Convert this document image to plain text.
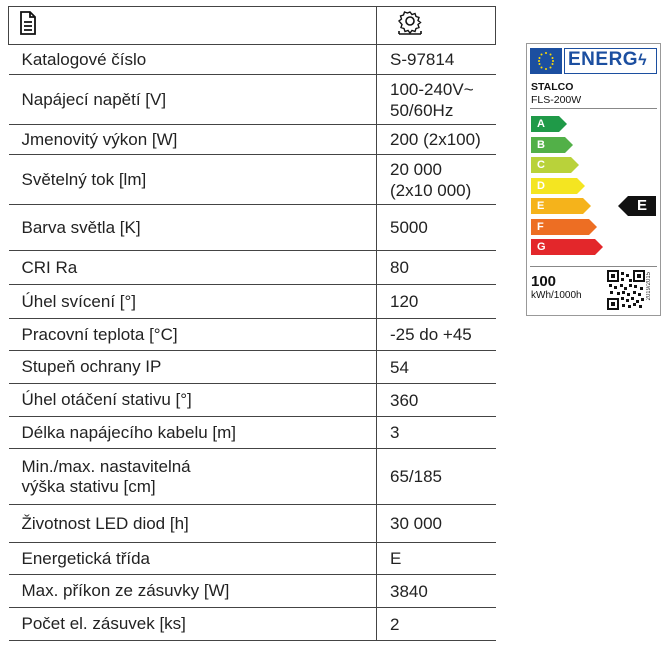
Katalogové číslo	S-97814
Napájecí napětí [V]	100-240V~
50/60Hz
Jmenovitý výkon [W]	200 (2x100)
Světelný tok [lm]	20 000
(2x10 000)
Barva světla [K]	5000
CRI Ra	80
Úhel svícení [°]	120
Pracovní teplota [°C]	-25 do +45
Stupeň ochrany IP	54
Úhel otáčení stativu [°]	360
Délka napájecího kabelu [m]	3
Min./max. nastavitelná
výška stativu [cm]	65/185
Životnost LED diod [h]	30 000
Energetická třída	E
Max. příkon ze zásuvky [W]	3840
Počet el. zásuvek [ks]	2
ENERGϟ
STALCO
FLS-200W
A
B
C
D
E
F
G
E
100
kWh/1000h	2019/2015
